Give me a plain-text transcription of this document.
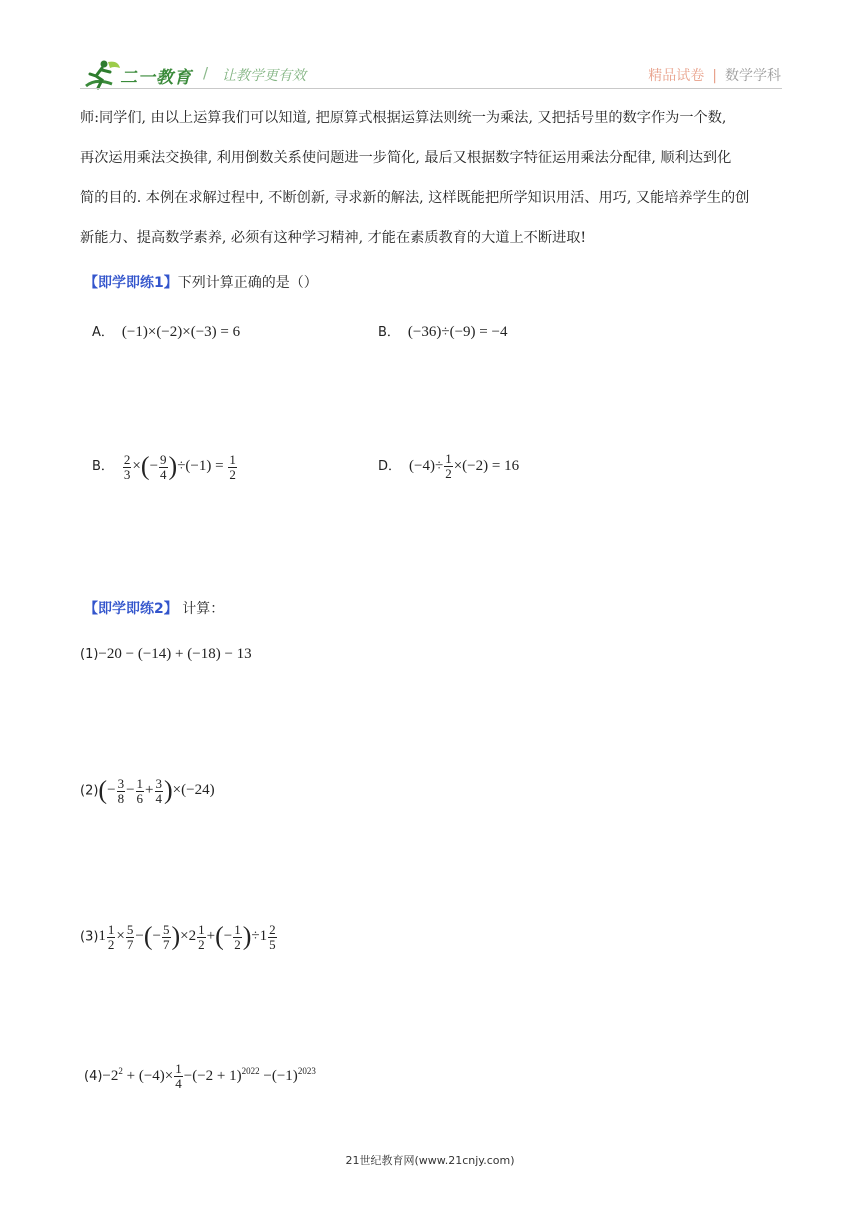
二一教育 / 让教学更有效	精品试卷 | 数学学科
师:同学们, 由以上运算我们可以知道, 把原算式根据运算法则统一为乘法, 又把括号里的数字作为一个数,
再次运用乘法交换律, 利用倒数关系使问题进一步简化, 最后又根据数字特征运用乘法分配律, 顺利达到化
简的目的. 本例在求解过程中, 不断创新, 寻求新的解法, 这样既能把所学知识用活、用巧, 又能培养学生的创
新能力、提高数学素养, 必须有这种学习精神, 才能在素质教育的大道上不断进取!
【即学即练1】下列计算正确的是（）
A． (−1)×(−2)×(−3) = 6	B． (−36)÷(−9) = −4
B． $\frac{2}{3}$ ×(− $\frac{9}{4} )\div(-1) = \frac{1}{2}$	D． $(-4)\div \frac{1}{2} \times(-2) = 16$
【即学即练2】 计算：
(1)−20 − (−14) + (−18) − 13
$(2)(- \frac{3}{8} - \frac{1}{6} + \frac{3}{4} )\times(-24)$
$(3)1 \frac{1}{2} \times \frac{5}{7}$ −(− $\frac{5}{7} )\times 2 \frac{1}{2}$ +(− $\frac{1}{2} )\div 1 \frac{2}{5}$
$(4)-2^2 + (-4)\times \frac{1}{4} -(-2 + 1)^{2022} -(-1)^{2023}$
21世纪教育网(www.21cnjy.com)
